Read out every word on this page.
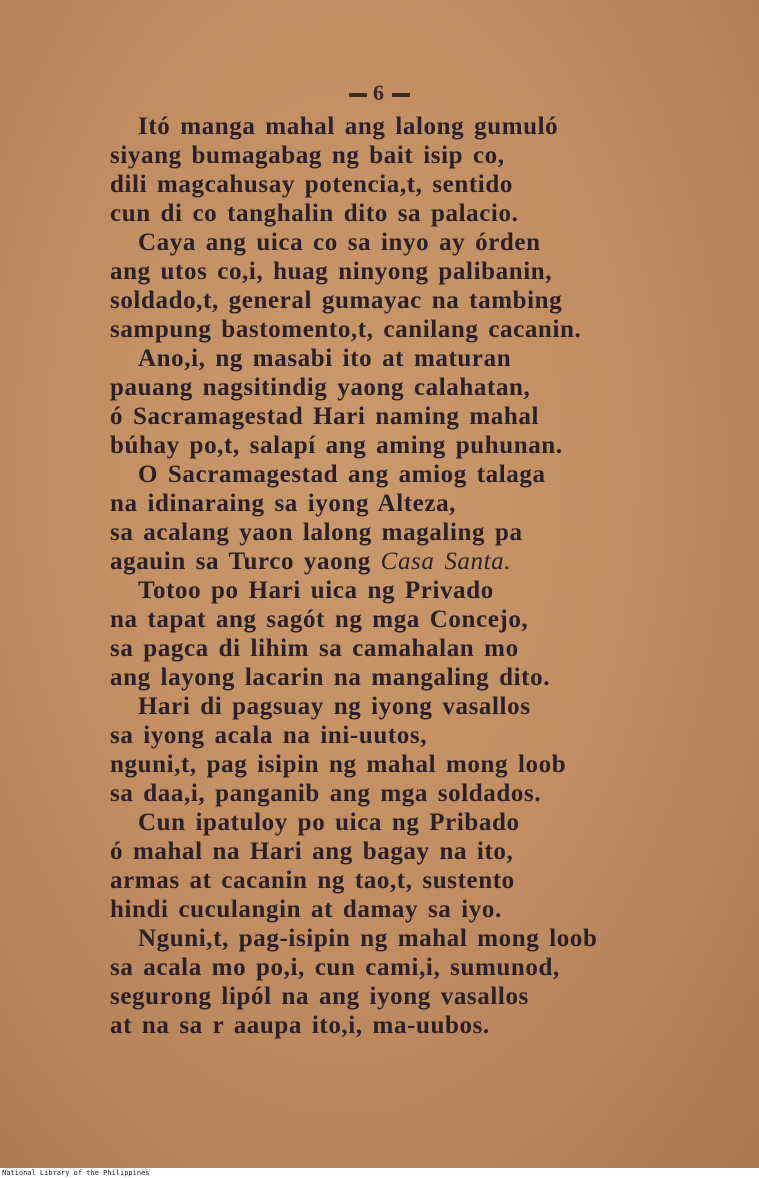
6
Itó manga mahal ang lalong gumuló
siyang bumagabag ng bait isip co,
dili magcahusay potencia,t, sentido
cun di co tanghalin dito sa palacio.
Caya ang uica co sa inyo ay órden
ang utos co,i, huag ninyong palibanin,
soldado,t, general gumayac na tambing
sampung bastomento,t, canilang cacanin.
Ano,i, ng masabi ito at maturan
pauang nagsitindig yaong calahatan,
ó Sacramagestad Hari naming mahal
búhay po,t, salapí ang aming puhunan.
O Sacramagestad ang amiog talaga
na idinaraing sa iyong Alteza,
sa acalang yaon lalong magaling pa
agauin sa Turco yaong Casa Santa.
Totoo po Hari uica ng Privado
na tapat ang sagót ng mga Concejo,
sa pagca di lihim sa camahalan mo
ang layong lacarin na mangaling dito.
Hari di pagsuay ng iyong vasallos
sa iyong acala na ini-uutos,
nguni,t, pag isipin ng mahal mong loob
sa daa,i, panganib ang mga soldados.
Cun ipatuloy po uica ng Pribado
ó mahal na Hari ang bagay na ito,
armas at cacanin ng tao,t, sustento
hindi cuculangin at damay sa iyo.
Nguni,t, pag-isipin ng mahal mong loob
sa acala mo po,i, cun cami,i, sumunod,
segurong lipól na ang iyong vasallos
at na sa r aaupa ito,i, ma-uubos.
National Library of the Philippines
